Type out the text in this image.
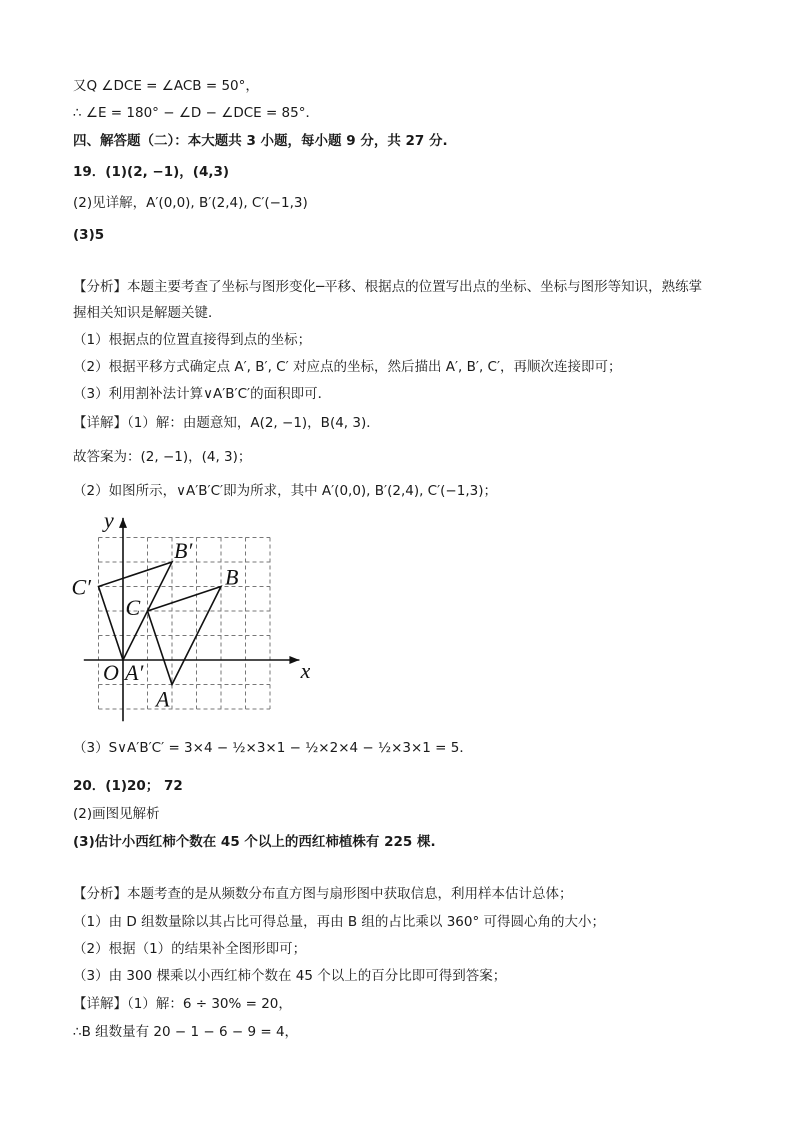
又Q ∠DCE = ∠ACB = 50°，
∴ ∠E = 180° − ∠D − ∠DCE = 85°．
四、解答题（二）：本大题共 3 小题，每小题 9 分，共 27 分.
19．(1)(2, −1)，(4,3)
(2)见详解，A′(0,0), B′(2,4), C′(−1,3)
(3)5
【分析】本题主要考查了坐标与图形变化─平移、根据点的位置写出点的坐标、坐标与图形等知识，熟练掌
握相关知识是解题关键．
（1）根据点的位置直接得到点的坐标；
（2）根据平移方式确定点 A′, B′, C′ 对应点的坐标，然后描出 A′, B′, C′，再顺次连接即可；
（3）利用割补法计算∨A′B′C′的面积即可．
【详解】（1）解：由题意知，A(2, −1)，B(4, 3)．
故答案为：(2, −1)，(4, 3)；
（2）如图所示，∨A′B′C′即为所求，其中 A′(0,0), B′(2,4), C′(−1,3)；
x
y
O A′
A
B
B′
C
C′
（3）S∨A′B′C′ = 3×4 − ½×3×1 − ½×2×4 − ½×3×1 = 5．
20．(1)20； 72
(2)画图见解析
(3)估计小西红柿个数在 45 个以上的西红柿植株有 225 棵.
【分析】本题考查的是从频数分布直方图与扇形图中获取信息，利用样本估计总体；
（1）由 D 组数量除以其占比可得总量，再由 B 组的占比乘以 360° 可得圆心角的大小；
（2）根据（1）的结果补全图形即可；
（3）由 300 棵乘以小西红柿个数在 45 个以上的百分比即可得到答案；
【详解】（1）解：6 ÷ 30% = 20，
∴B 组数量有 20 − 1 − 6 − 9 = 4，
